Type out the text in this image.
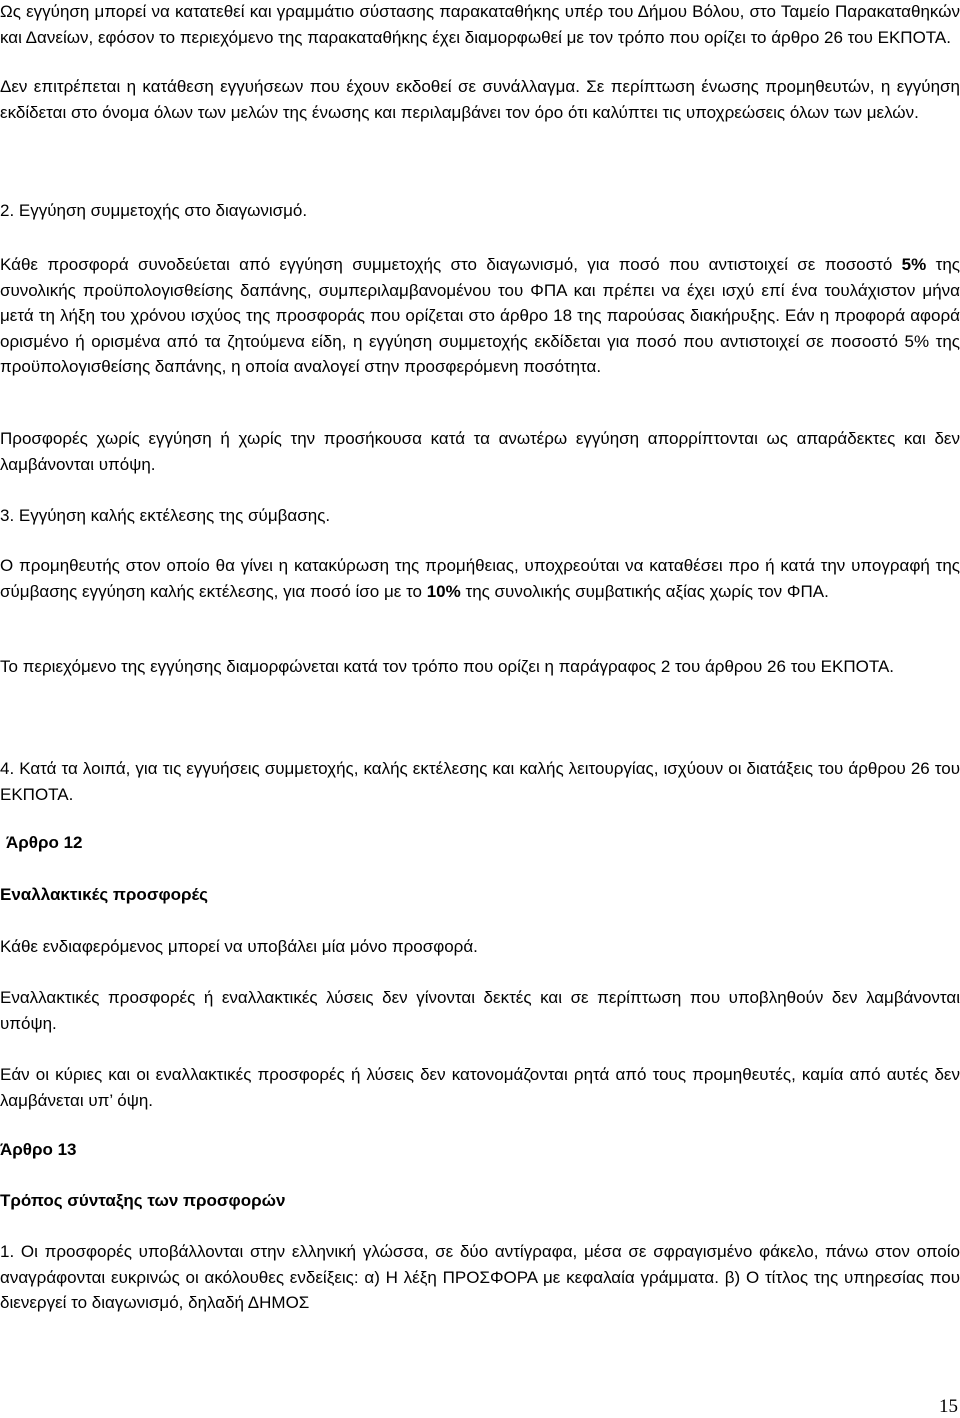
Ως εγγύηση μπορεί να κατατεθεί και γραμμάτιο σύστασης παρακαταθήκης υπέρ του Δήμου Βόλου, στο Ταμείο Παρακαταθηκών και Δανείων, εφόσον το περιεχόμενο της παρακαταθήκης έχει διαμορφωθεί με τον τρόπο που ορίζει το άρθρο 26 του ΕΚΠΟΤΑ.

Δεν επιτρέπεται η κατάθεση εγγυήσεων που έχουν εκδοθεί σε συνάλλαγμα. Σε περίπτωση ένωσης προμηθευτών, η εγγύηση εκδίδεται στο όνομα όλων των μελών της ένωσης και περιλαμβάνει τον όρο ότι καλύπτει τις υποχρεώσεις όλων των μελών.

2. Εγγύηση συμμετοχής στο διαγωνισμό.

Κάθε προσφορά συνοδεύεται από εγγύηση συμμετοχής στο διαγωνισμό, για ποσό που αντιστοιχεί σε ποσοστό 5% της συνολικής προϋπολογισθείσης δαπάνης, συμπεριλαμβανομένου του ΦΠΑ και πρέπει να έχει ισχύ επί ένα τουλάχιστον μήνα μετά τη λήξη του χρόνου ισχύος της προσφοράς που ορίζεται στο άρθρο 18 της παρούσας διακήρυξης. Εάν η προφορά αφορά ορισμένο ή ορισμένα από τα ζητούμενα είδη, η εγγύηση συμμετοχής εκδίδεται για ποσό που αντιστοιχεί σε ποσοστό 5% της προϋπολογισθείσης δαπάνης, η οποία αναλογεί στην προσφερόμενη ποσότητα.

Προσφορές χωρίς εγγύηση ή χωρίς την προσήκουσα κατά τα ανωτέρω εγγύηση απορρίπτονται ως απαράδεκτες και δεν λαμβάνονται υπόψη.

3. Εγγύηση καλής εκτέλεσης της σύμβασης.

Ο προμηθευτής στον οποίο θα γίνει η κατακύρωση της προμήθειας, υποχρεούται να καταθέσει προ ή κατά την υπογραφή της σύμβασης εγγύηση καλής εκτέλεσης, για ποσό ίσο με το 10% της συνολικής συμβατικής αξίας χωρίς τον ΦΠΑ.

Το περιεχόμενο της εγγύησης διαμορφώνεται κατά τον τρόπο που ορίζει η παράγραφος 2 του άρθρου 26 του ΕΚΠΟΤΑ.

4. Κατά τα λοιπά, για τις εγγυήσεις συμμετοχής, καλής εκτέλεσης και καλής λειτουργίας, ισχύουν οι διατάξεις του άρθρου 26 του ΕΚΠΟΤΑ.

Άρθρο 12

Εναλλακτικές προσφορές

Κάθε ενδιαφερόμενος μπορεί να υποβάλει μία μόνο προσφορά.

Εναλλακτικές προσφορές ή εναλλακτικές λύσεις δεν γίνονται δεκτές και σε περίπτωση που υποβληθούν δεν λαμβάνονται υπόψη.

Εάν οι κύριες και οι εναλλακτικές προσφορές ή λύσεις δεν κατονομάζονται ρητά από τους προμηθευτές, καμία από αυτές δεν λαμβάνεται υπ’ όψη.

Άρθρο 13

Τρόπος σύνταξης των προσφορών

1. Οι προσφορές υποβάλλονται στην ελληνική γλώσσα, σε δύο αντίγραφα, μέσα σε σφραγισμένο φάκελο, πάνω στον οποίο αναγράφονται ευκρινώς οι ακόλουθες ενδείξεις: α) Η λέξη ΠΡΟΣΦΟΡΑ με κεφαλαία γράμματα. β) Ο τίτλος της υπηρεσίας που διενεργεί το διαγωνισμό, δηλαδή ΔΗΜΟΣ

15
